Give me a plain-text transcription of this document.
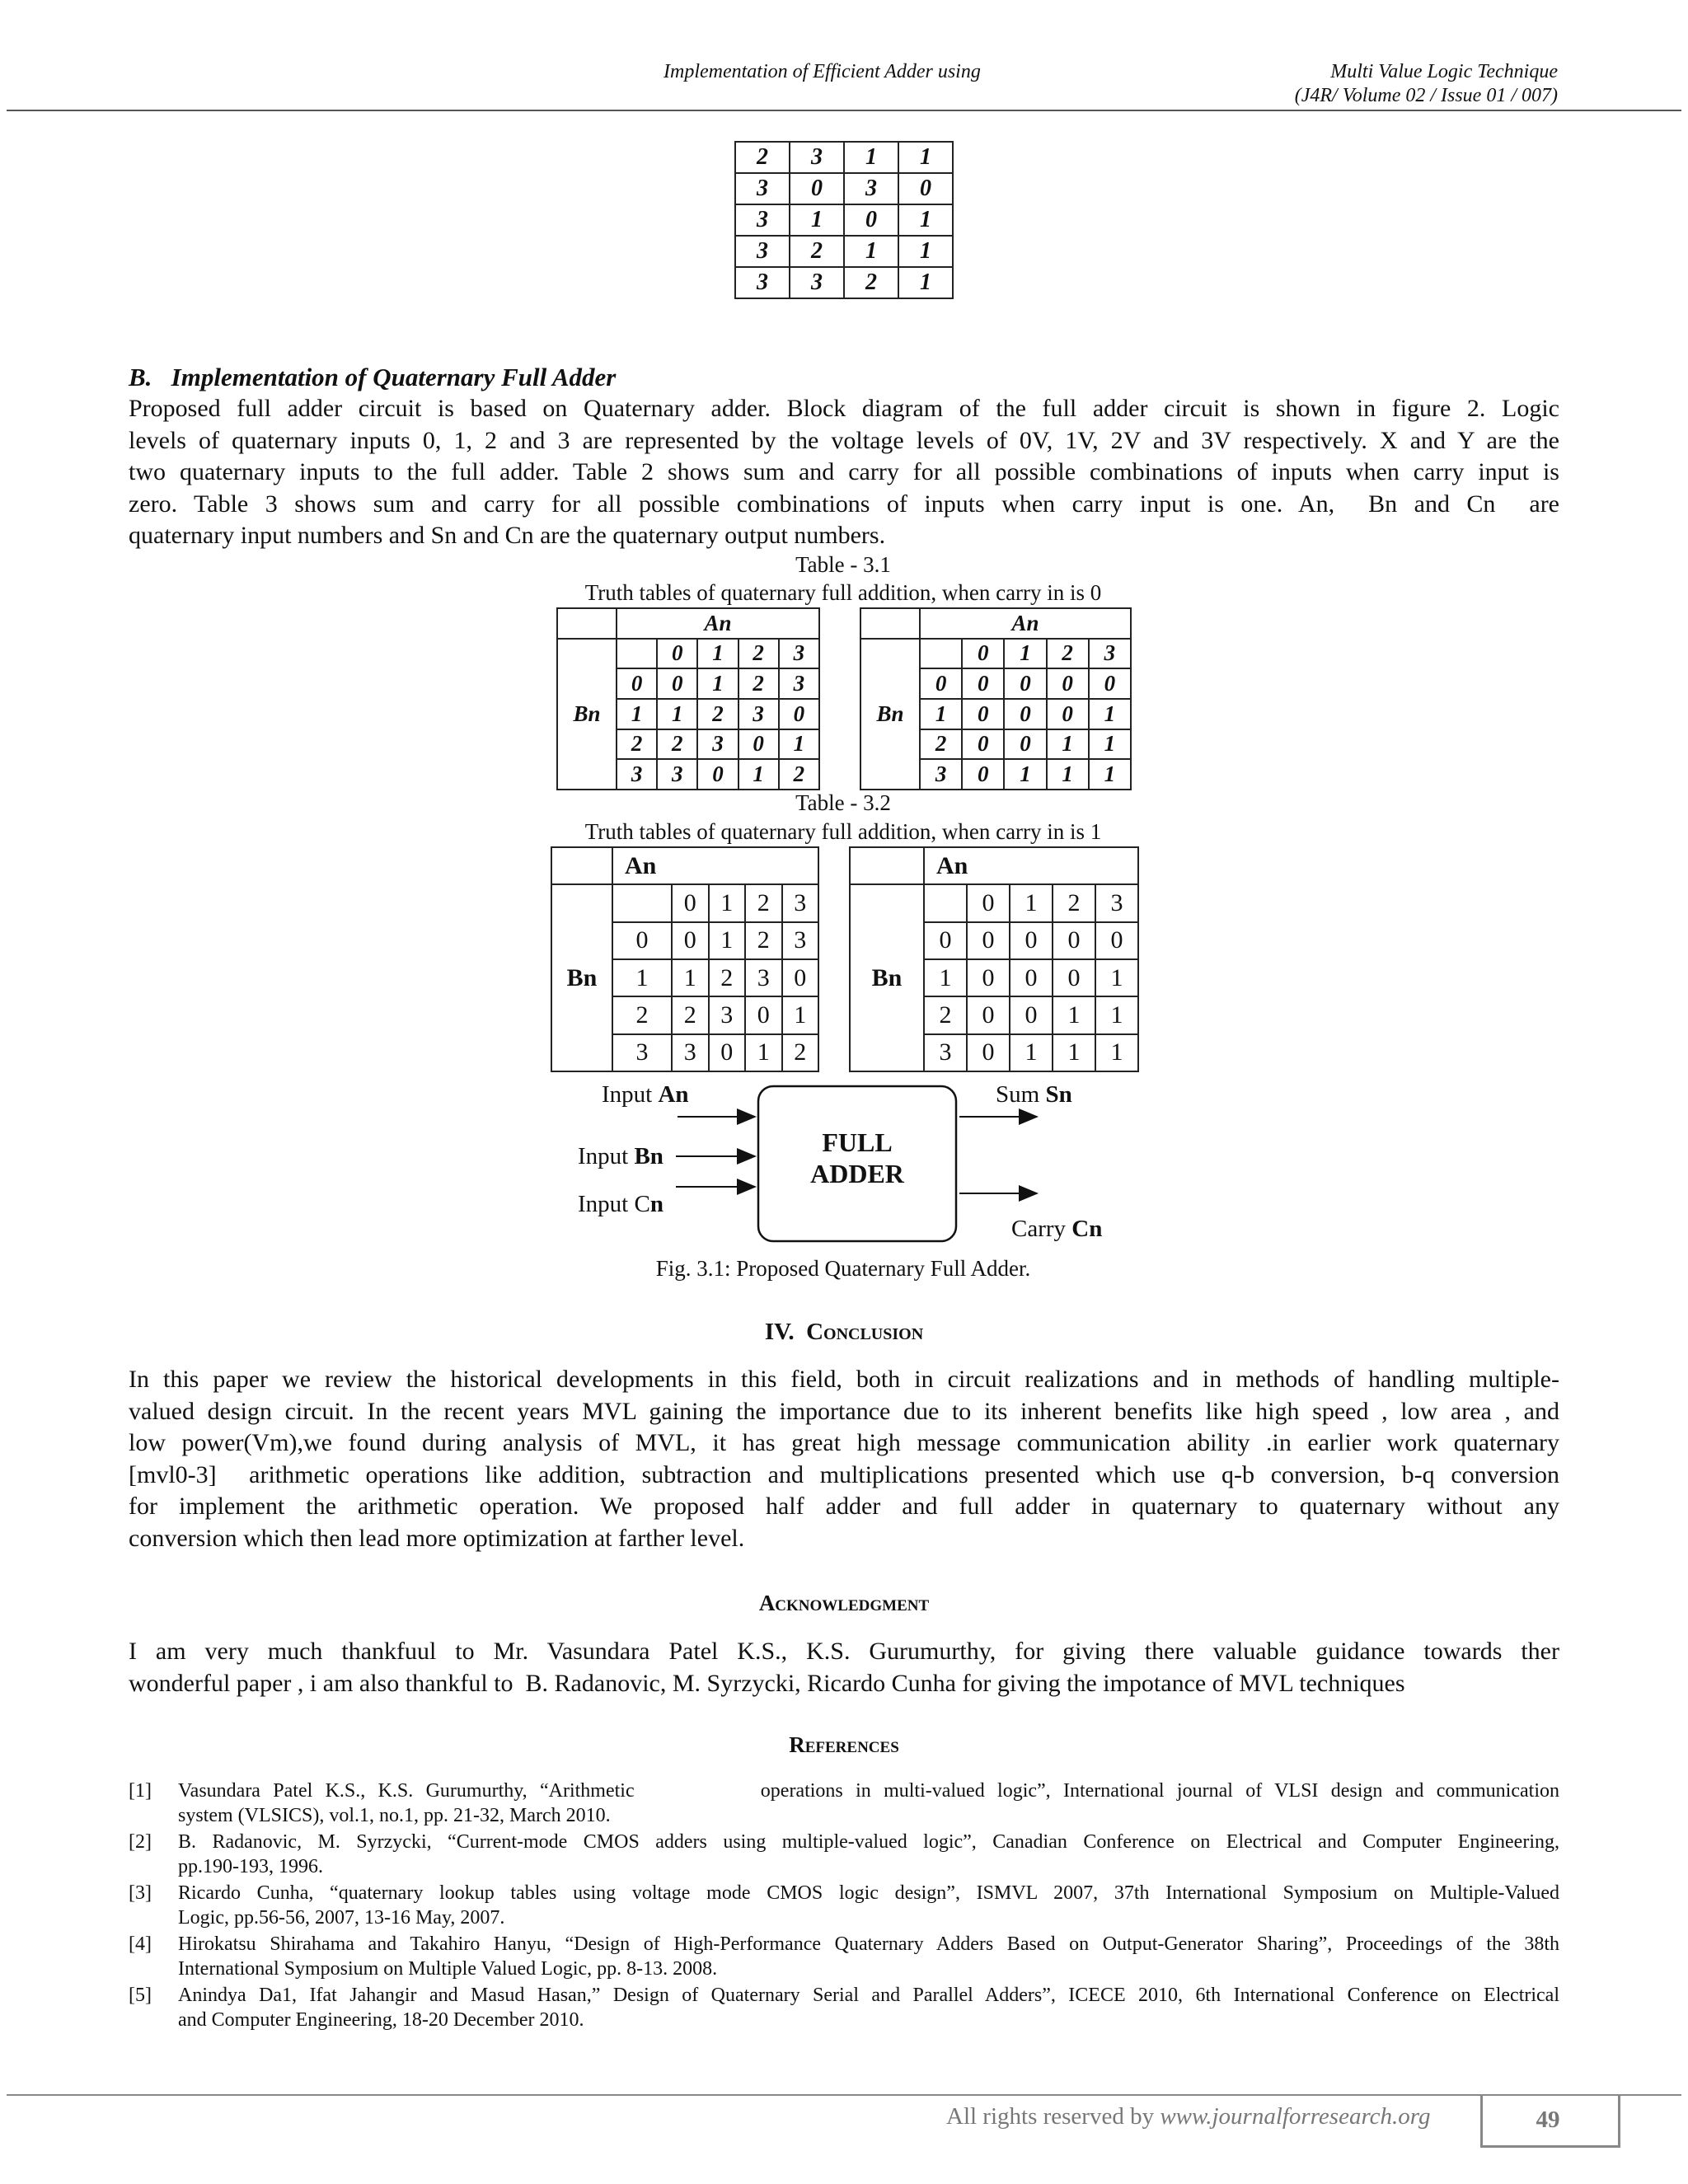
Implementation of Efficient Adder using	Multi Value Logic Technique
(J4R/ Volume 02 / Issue 01 / 007)
2	3	1	1
3	0	3	0
3	1	0	1
3	2	1	1
3	3	2	1
B.   Implementation of Quaternary Full Adder
Proposed full adder circuit is based on Quaternary adder. Block diagram of the full adder circuit is shown in figure 2. Logic
levels of quaternary inputs 0, 1, 2 and 3 are represented by the voltage levels of 0V, 1V, 2V and 3V respectively. X and Y are the
two quaternary inputs to the full adder. Table 2 shows sum and carry for all possible combinations of inputs when carry input is
zero. Table 3 shows sum and carry for all possible combinations of inputs when carry input is one. An,  Bn and Cn  are
quaternary input numbers and Sn and Cn are the quaternary output numbers.
Table - 3.1
Truth tables of quaternary full addition, when carry in is 0
	An				
Bn		0	1	2	3
	0	0	1	2	3
	1	1	2	3	0
	2	2	3	0	1
	3	3	0	1	2
	An				
Bn		0	1	2	3
	0	0	0	0	0
	1	0	0	0	1
	2	0	0	1	1
	3	0	1	1	1
Table - 3.2
Truth tables of quaternary full addition, when carry in is 1
	An				
Bn		0	1	2	3
	0	0	1	2	3
	1	1	2	3	0
	2	2	3	0	1
	3	3	0	1	2
	An				
Bn		0	1	2	3
	0	0	0	0	0
	1	0	0	0	1
	2	0	0	1	1
	3	0	1	1	1
Input An
Input Bn
Input Cn
Sum Sn
Carry Cn
FULL
ADDER
Fig. 3.1: Proposed Quaternary Full Adder.
IV.  Conclusion
In this paper we review the historical developments in this field, both in circuit realizations and in methods of handling multiple-
valued design circuit. In the recent years MVL gaining the importance due to its inherent benefits like high speed , low area , and
low power(Vm),we found during analysis of MVL, it has great high message communication ability .in earlier work quaternary
[mvl0-3]  arithmetic operations like addition, subtraction and multiplications presented which use q-b conversion, b-q conversion
for implement the arithmetic operation. We proposed half adder and full adder in quaternary to quaternary without any
conversion which then lead more optimization at farther level.
Acknowledgment
I am very much thankfuul to Mr. Vasundara Patel K.S., K.S. Gurumurthy, for giving there valuable guidance towards ther
wonderful paper , i am also thankful to  B. Radanovic, M. Syrzycki, Ricardo Cunha for giving the impotance of MVL techniques
References
[1] Vasundara Patel K.S., K.S. Gurumurthy, “Arithmetic          operations in multi-valued logic”, International journal of VLSI design and communication
system (VLSICS), vol.1, no.1, pp. 21-32, March 2010.
[2] B. Radanovic, M. Syrzycki, “Current-mode CMOS adders using multiple-valued logic”, Canadian Conference on Electrical and Computer Engineering,
pp.190-193, 1996.
[3] Ricardo Cunha, “quaternary lookup tables using voltage mode CMOS logic design”, ISMVL 2007, 37th International Symposium on Multiple-Valued
Logic, pp.56-56, 2007, 13-16 May, 2007.
[4] Hirokatsu Shirahama and Takahiro Hanyu, “Design of High-Performance Quaternary Adders Based on Output-Generator Sharing”, Proceedings of the 38th
International Symposium on Multiple Valued Logic, pp. 8-13. 2008.
[5] Anindya Da1, Ifat Jahangir and Masud Hasan,” Design of Quaternary Serial and Parallel Adders”, ICECE 2010, 6th International Conference on Electrical
and Computer Engineering, 18-20 December 2010.
All rights reserved by www.journalforresearch.org	49
